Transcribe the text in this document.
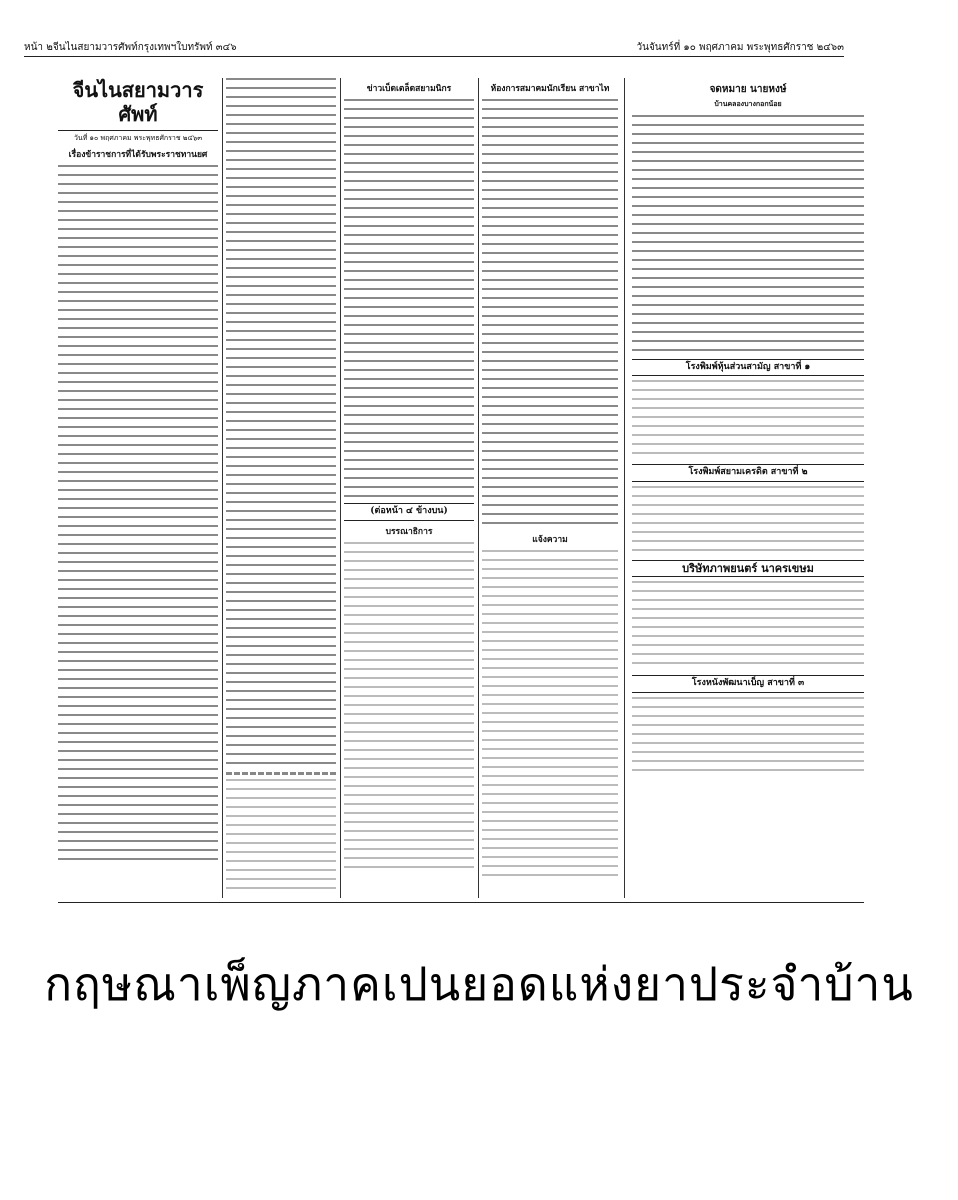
หน้า ๒ จีนไนสยามวารศัพท์ กรุงเทพฯ ใบทรัพท์ ๓๔๖	วันจันทร์ที่ ๑๐ พฤศภาคม พระพุทธศักราช ๒๔๖๓
จีนไนสยามวารศัพท์
วันที่ ๑๐ พฤศภาคม พระพุทธศักราช ๒๔๖๓
เรื่องข้าราชการที่ได้รับพระราชทานยศ
ข่าวเบ็ดเตล็ดสยามนิกร
(ต่อหน้า ๔ ข้างบน)
บรรณาธิการ
ห้องการสมาคมนักเรียน สาขาไท
แจ้งความ
จดหมาย นายหงษ์
บ้านคลองบางกอกน้อย
โรงพิมพ์หุ้นส่วนสามัญ สาขาที่ ๑
โรงพิมพ์สยามเครดิต สาขาที่ ๒
บริษัทภาพยนตร์ นาครเขษม
โรงหนังพัฒนาเบ็ญ สาขาที่ ๓
กฤษณาเพ็ญภาคเปนยอดแห่งยาประจำบ้าน
